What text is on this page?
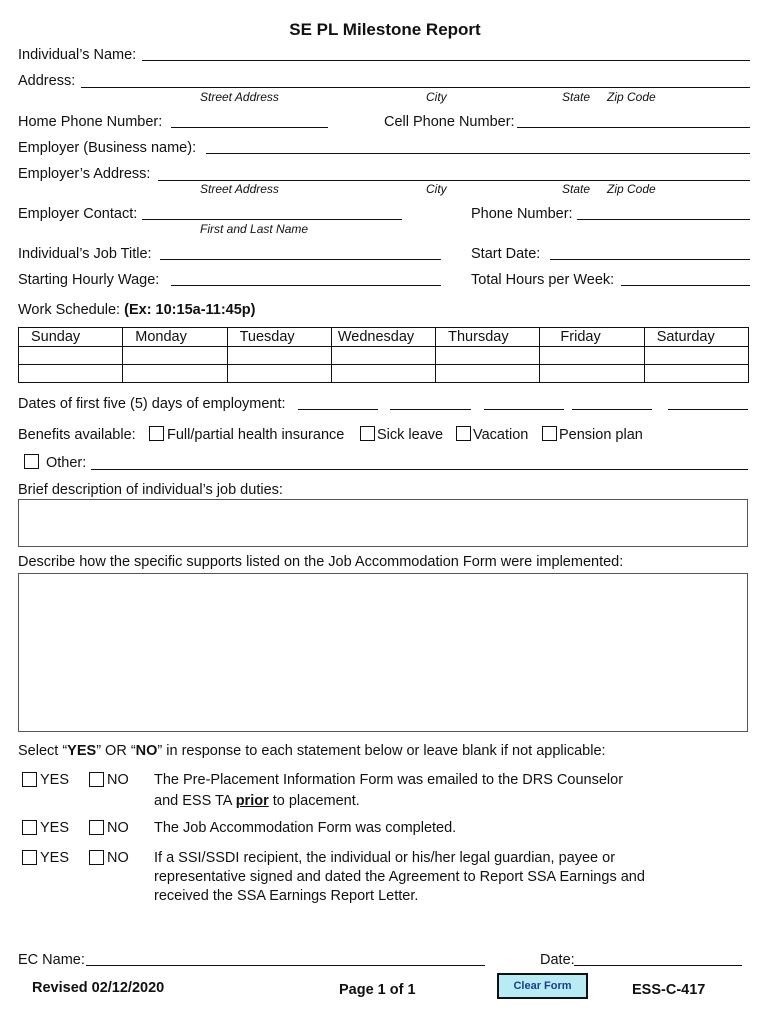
SE PL Milestone Report
Individual’s Name:
Address:
Street Address	City	State Zip Code
Home Phone Number:	Cell Phone Number:
Employer (Business name):
Employer’s Address:
Street Address	City	State Zip Code
Employer Contact:
First and Last Name
Phone Number:
Individual’s Job Title:	Start Date:
Starting Hourly Wage:	Total Hours per Week:
Work Schedule: (Ex: 10:15a-11:45p)
Sunday	Monday	Tuesday	Wednesday	Thursday	Friday	Saturday

Dates of first five (5) days of employment:
Benefits available: Full/partial health insurance Sick leave Vacation Pension plan
Other:
Brief description of individual’s job duties:
Describe how the specific supports listed on the Job Accommodation Form were implemented:
Select “YES” OR “NO” in response to each statement below or leave blank if not applicable:
YES	NO The Pre-Placement Information Form was emailed to the DRS Counselor
and ESS TA prior to placement.
YES	NO The Job Accommodation Form was completed.
YES	NO If a SSI/SSDI recipient, the individual or his/her legal guardian, payee or
representative signed and dated the Agreement to Report SSA Earnings and
received the SSA Earnings Report Letter.
EC Name:	Date:
Revised 02/12/2020	Page 1 of 1	Clear Form	ESS-C-417
